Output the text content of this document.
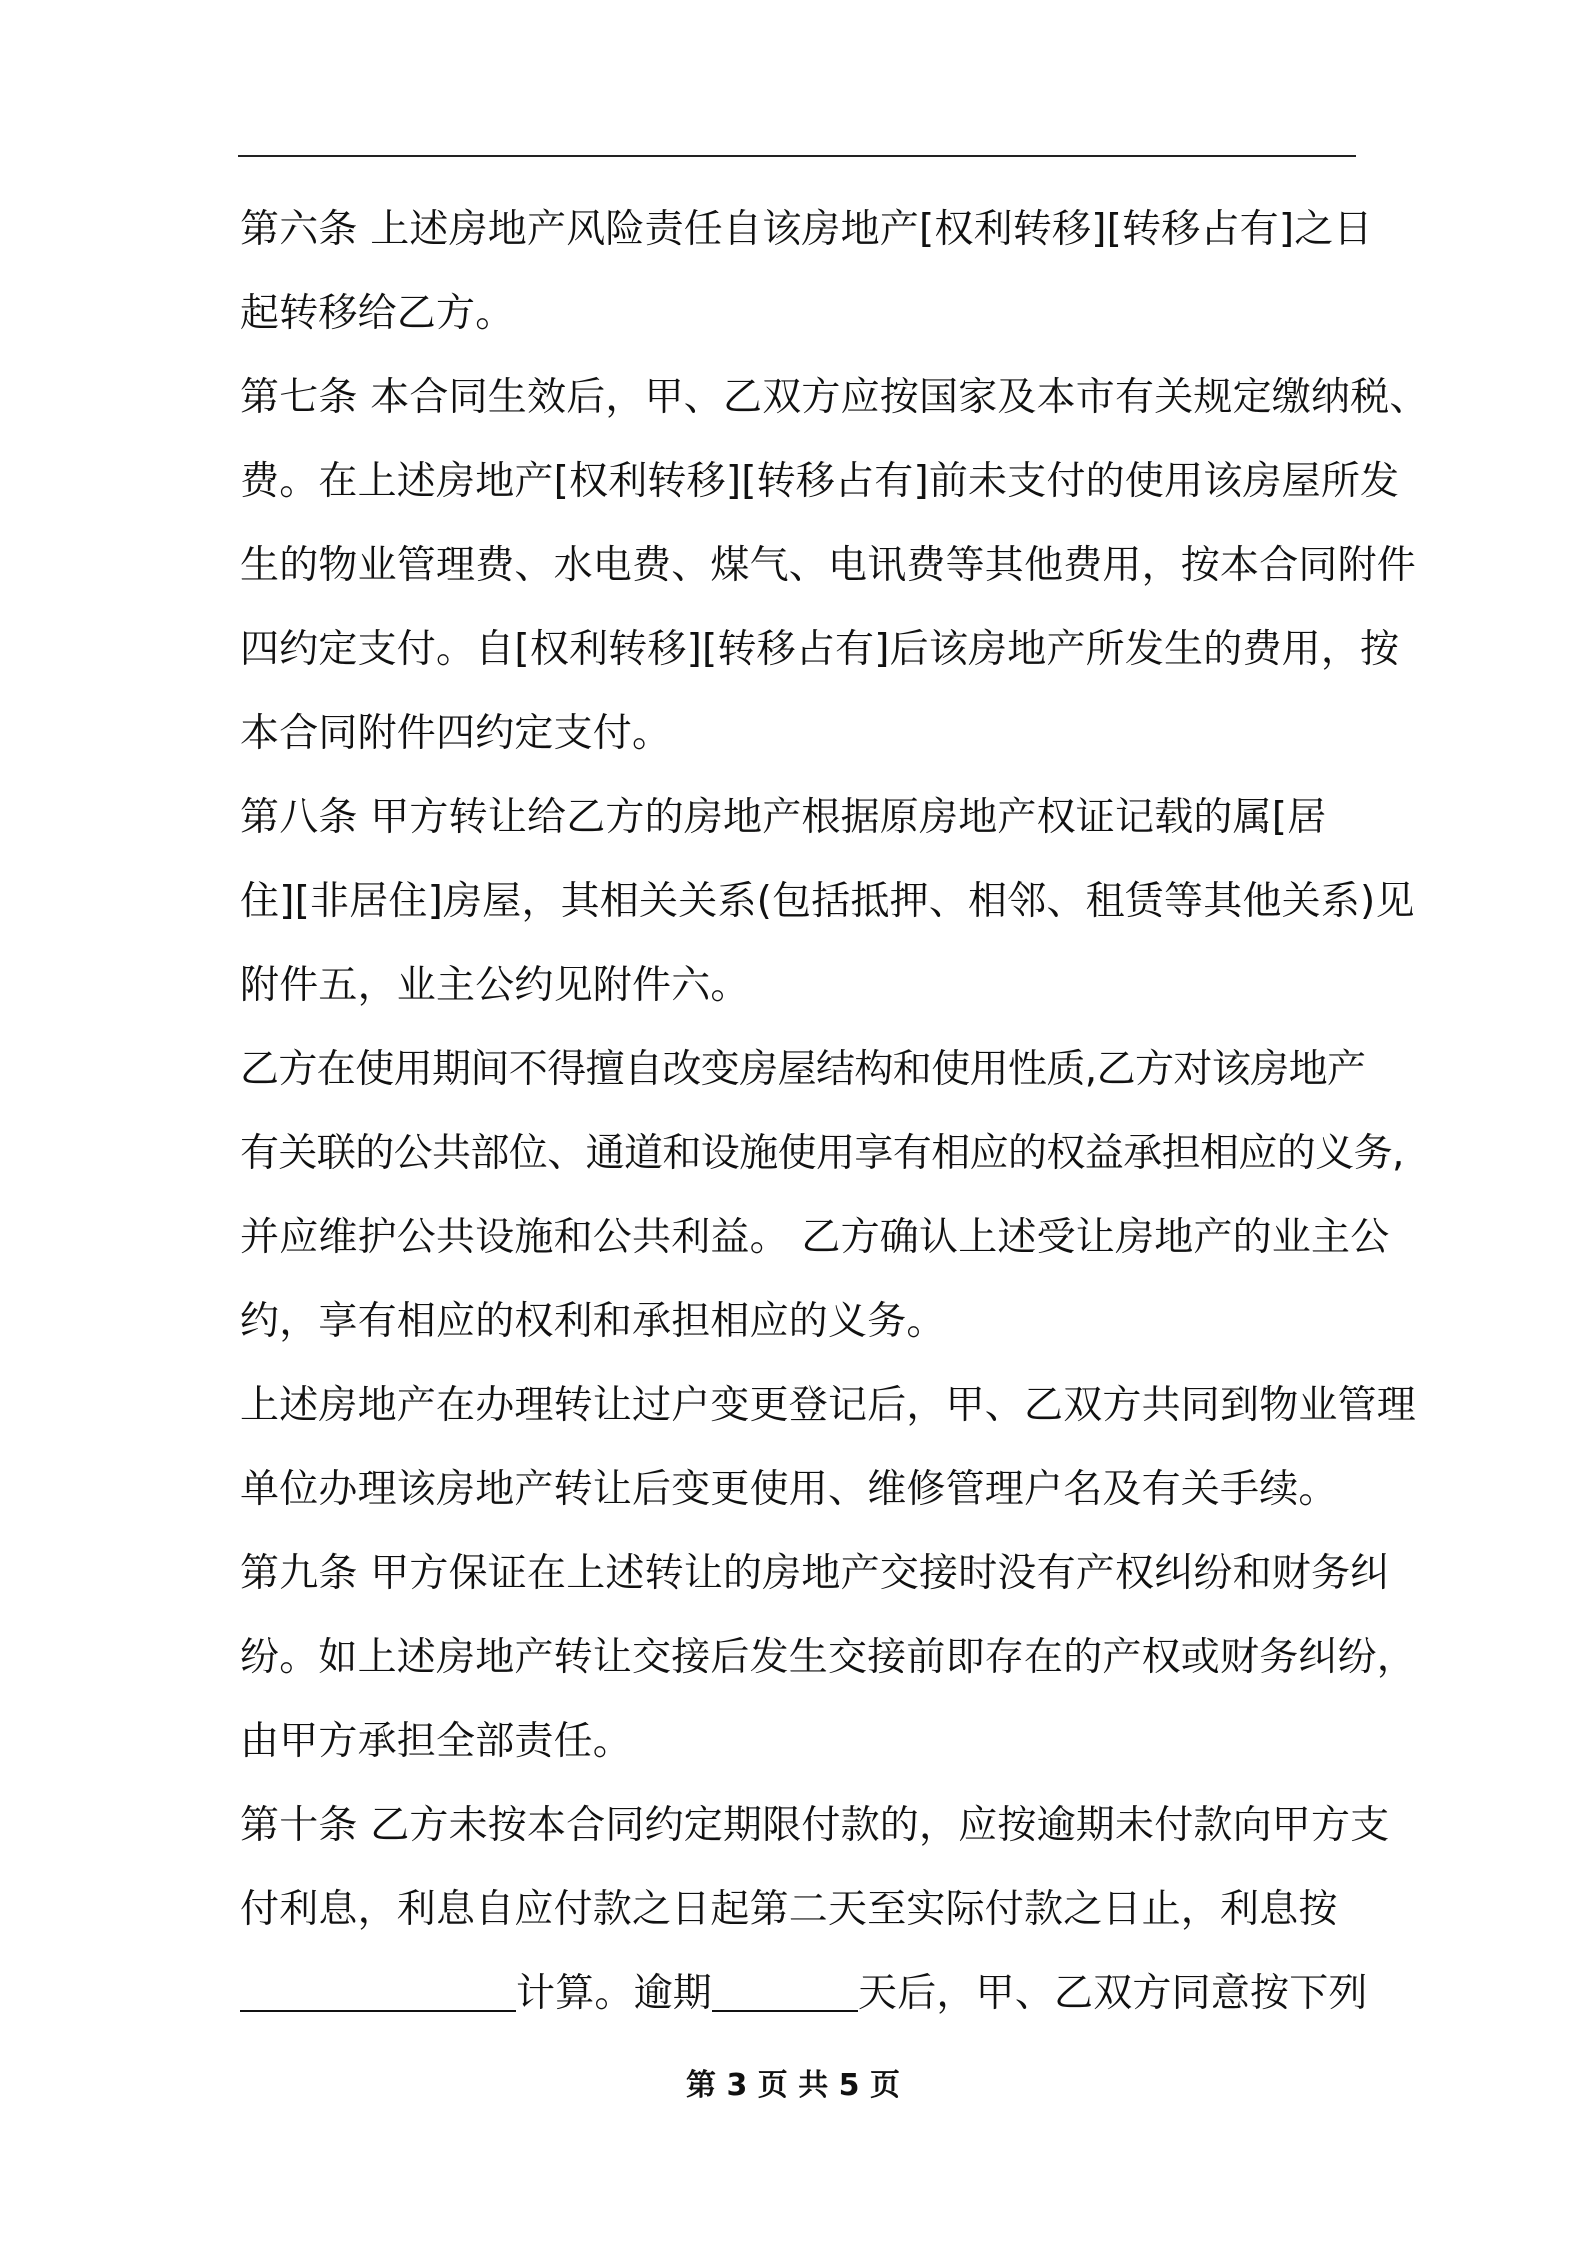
第六条 上述房地产风险责任自该房地产[权利转移][转移占有]之日
起转移给乙方。
第七条 本合同生效后，甲、乙双方应按国家及本市有关规定缴纳税、
费。在上述房地产[权利转移][转移占有]前未支付的使用该房屋所发
生的物业管理费、水电费、煤气、电讯费等其他费用，按本合同附件
四约定支付。自[权利转移][转移占有]后该房地产所发生的费用，按
本合同附件四约定支付。
第八条 甲方转让给乙方的房地产根据原房地产权证记载的属[居
住][非居住]房屋，其相关关系(包括抵押、相邻、租赁等其他关系)见
附件五，业主公约见附件六。
乙方在使用期间不得擅自改变房屋结构和使用性质,乙方对该房地产
有关联的公共部位、通道和设施使用享有相应的权益承担相应的义务,
并应维护公共设施和公共利益。 乙方确认上述受让房地产的业主公
约，享有相应的权利和承担相应的义务。
上述房地产在办理转让过户变更登记后，甲、乙双方共同到物业管理
单位办理该房地产转让后变更使用、维修管理户名及有关手续。
第九条 甲方保证在上述转让的房地产交接时没有产权纠纷和财务纠
纷。如上述房地产转让交接后发生交接前即存在的产权或财务纠纷，
由甲方承担全部责任。
第十条 乙方未按本合同约定期限付款的，应按逾期未付款向甲方支
付利息，利息自应付款之日起第二天至实际付款之日止，利息按
计算。逾期	天后，甲、乙双方同意按下列
第 3 页 共 5 页
